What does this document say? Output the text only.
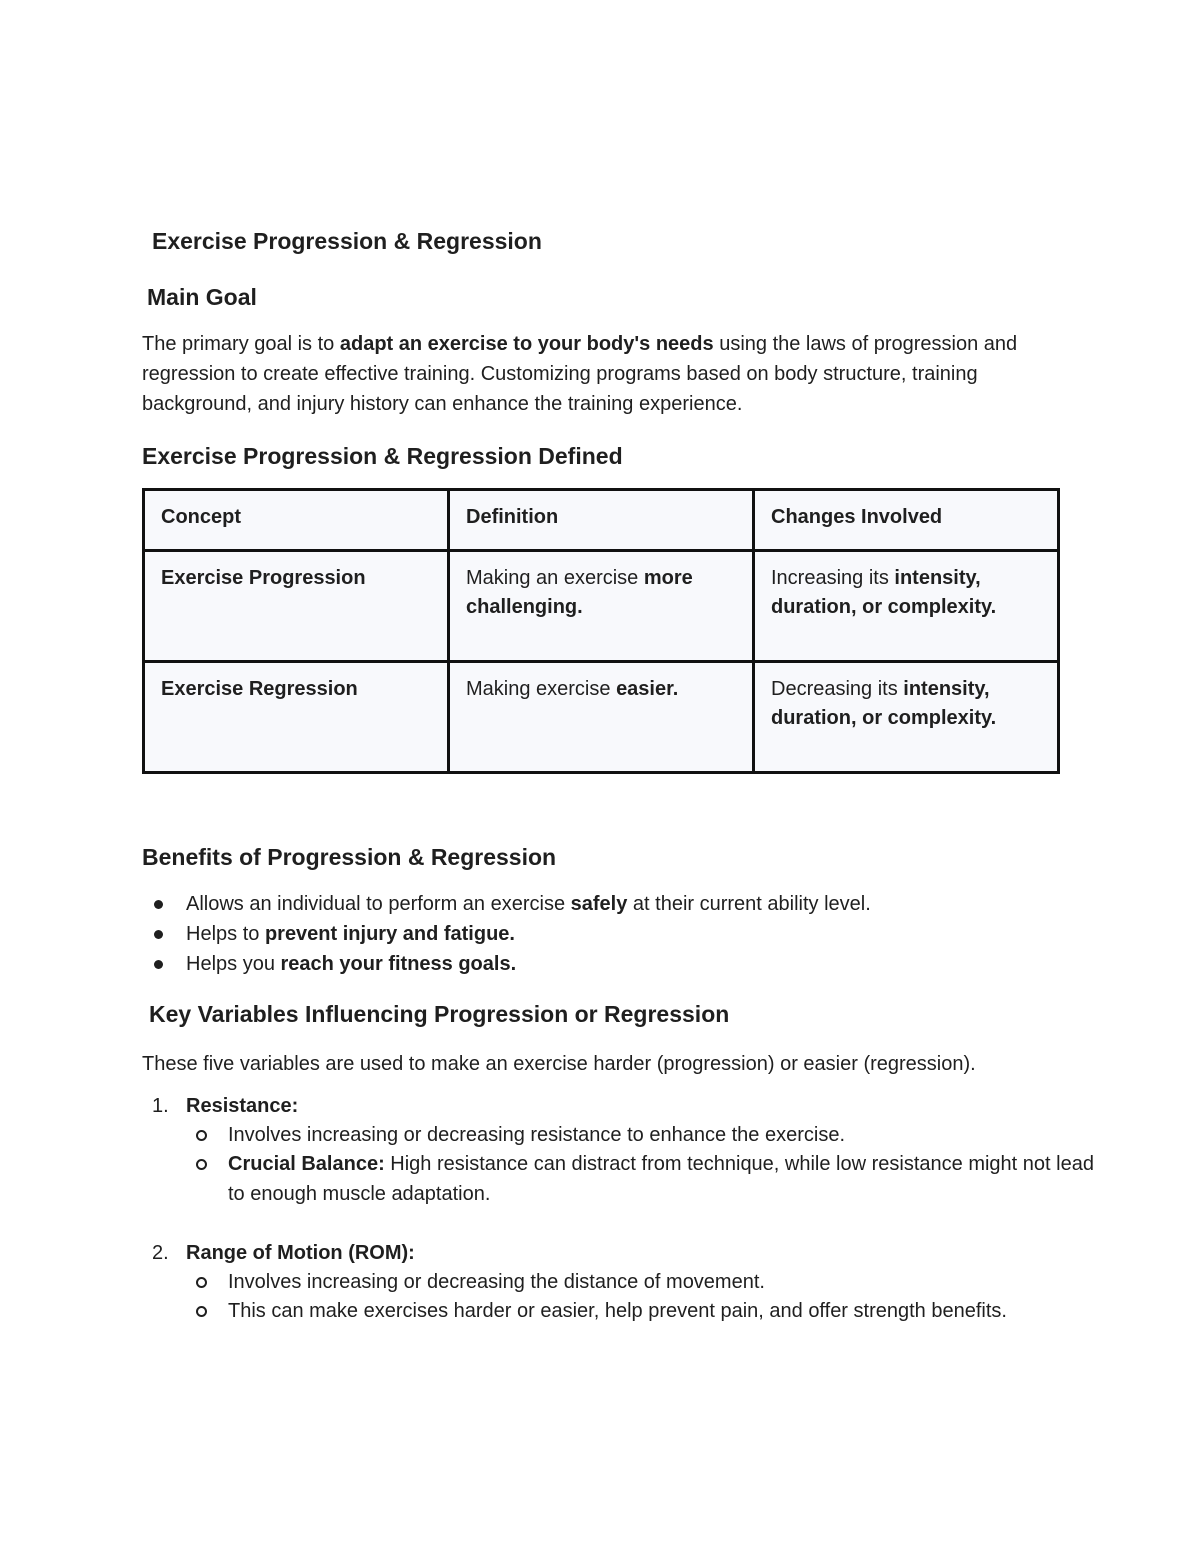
Exercise Progression & Regression
Main Goal
The primary goal is to adapt an exercise to your body's needs using the laws of progression and regression to create effective training. Customizing programs based on body structure, training background, and injury history can enhance the training experience.
Exercise Progression & Regression Defined
Concept	Definition	Changes Involved
Exercise Progression	Making an exercise more challenging.	Increasing its intensity, duration, or complexity.
Exercise Regression	Making exercise easier.	Decreasing its intensity, duration, or complexity.
Benefits of Progression & Regression
Allows an individual to perform an exercise safely at their current ability level.
Helps to prevent injury and fatigue.
Helps you reach your fitness goals.
Key Variables Influencing Progression or Regression
These five variables are used to make an exercise harder (progression) or easier (regression).
1. Resistance:
Involves increasing or decreasing resistance to enhance the exercise.
Crucial Balance: High resistance can distract from technique, while low resistance might not lead to enough muscle adaptation.
2. Range of Motion (ROM):
Involves increasing or decreasing the distance of movement.
This can make exercises harder or easier, help prevent pain, and offer strength benefits.
